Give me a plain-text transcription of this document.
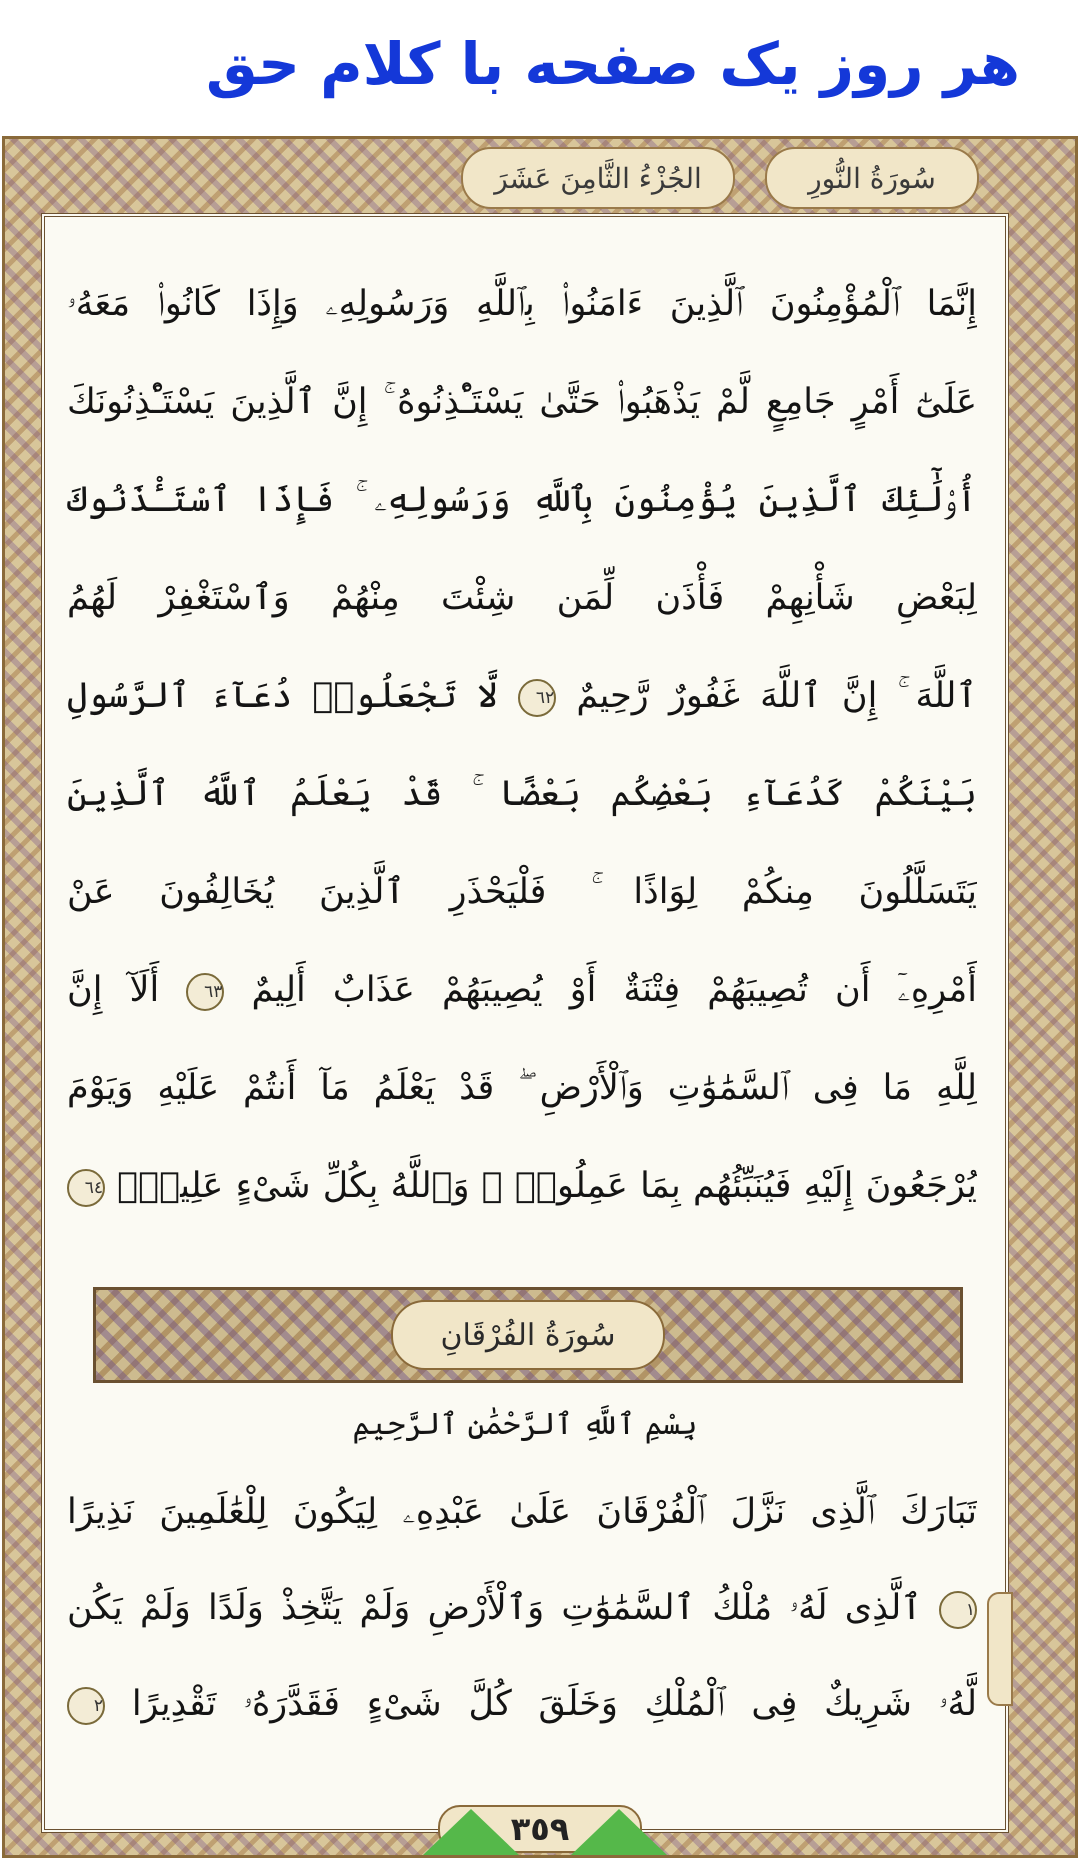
هر روز یک صفحه با کلام حق
سُورَةُ النُّورِ
الجُزْءُ الثَّامِنَ عَشَرَ
إِنَّمَا ٱلْمُؤْمِنُونَ ٱلَّذِينَ ءَامَنُوا۟ بِٱللَّهِ وَرَسُولِهِۦ وَإِذَا كَانُوا۟ مَعَهُۥ
عَلَىٰٓ أَمْرٍ جَامِعٍ لَّمْ يَذْهَبُوا۟ حَتَّىٰ يَسْتَـْٔذِنُوهُ ۚ إِنَّ ٱلَّذِينَ يَسْتَـْٔذِنُونَكَ
أُو۟لَٰٓئِكَ ٱلَّذِينَ يُؤْمِنُونَ بِٱللَّهِ وَرَسُولِهِۦ ۚ فَإِذَا ٱسْتَـْٔذَنُوكَ
لِبَعْضِ شَأْنِهِمْ فَأْذَن لِّمَن شِئْتَ مِنْهُمْ وَٱسْتَغْفِرْ لَهُمُ
ٱللَّهَ ۚ إِنَّ ٱللَّهَ غَفُورٌ رَّحِيمٌ ٦٢ لَّا تَجْعَلُوا۟ دُعَآءَ ٱلرَّسُولِ
بَيْنَكُمْ كَدُعَآءِ بَعْضِكُم بَعْضًا ۚ قَدْ يَعْلَمُ ٱللَّهُ ٱلَّذِينَ
يَتَسَلَّلُونَ مِنكُمْ لِوَاذًا ۚ فَلْيَحْذَرِ ٱلَّذِينَ يُخَالِفُونَ عَنْ
أَمْرِهِۦٓ أَن تُصِيبَهُمْ فِتْنَةٌ أَوْ يُصِيبَهُمْ عَذَابٌ أَلِيمٌ ٦٣ أَلَآ إِنَّ
لِلَّهِ مَا فِى ٱلسَّمَٰوَٰتِ وَٱلْأَرْضِ ۖ قَدْ يَعْلَمُ مَآ أَنتُمْ عَلَيْهِ وَيَوْمَ
يُرْجَعُونَ إِلَيْهِ فَيُنَبِّئُهُم بِمَا عَمِلُوا۟ ۗ وَٱللَّهُ بِكُلِّ شَىْءٍ عَلِيمٌۢ ٦٤
سُورَةُ الفُرْقَانِ
بِسْمِ ٱللَّهِ ٱلرَّحْمَٰنِ ٱلرَّحِيمِ
تَبَارَكَ ٱلَّذِى نَزَّلَ ٱلْفُرْقَانَ عَلَىٰ عَبْدِهِۦ لِيَكُونَ لِلْعَٰلَمِينَ نَذِيرًا
١ ٱلَّذِى لَهُۥ مُلْكُ ٱلسَّمَٰوَٰتِ وَٱلْأَرْضِ وَلَمْ يَتَّخِذْ وَلَدًا وَلَمْ يَكُن
لَّهُۥ شَرِيكٌ فِى ٱلْمُلْكِ وَخَلَقَ كُلَّ شَىْءٍ فَقَدَّرَهُۥ تَقْدِيرًا ٢
٣٥٩
